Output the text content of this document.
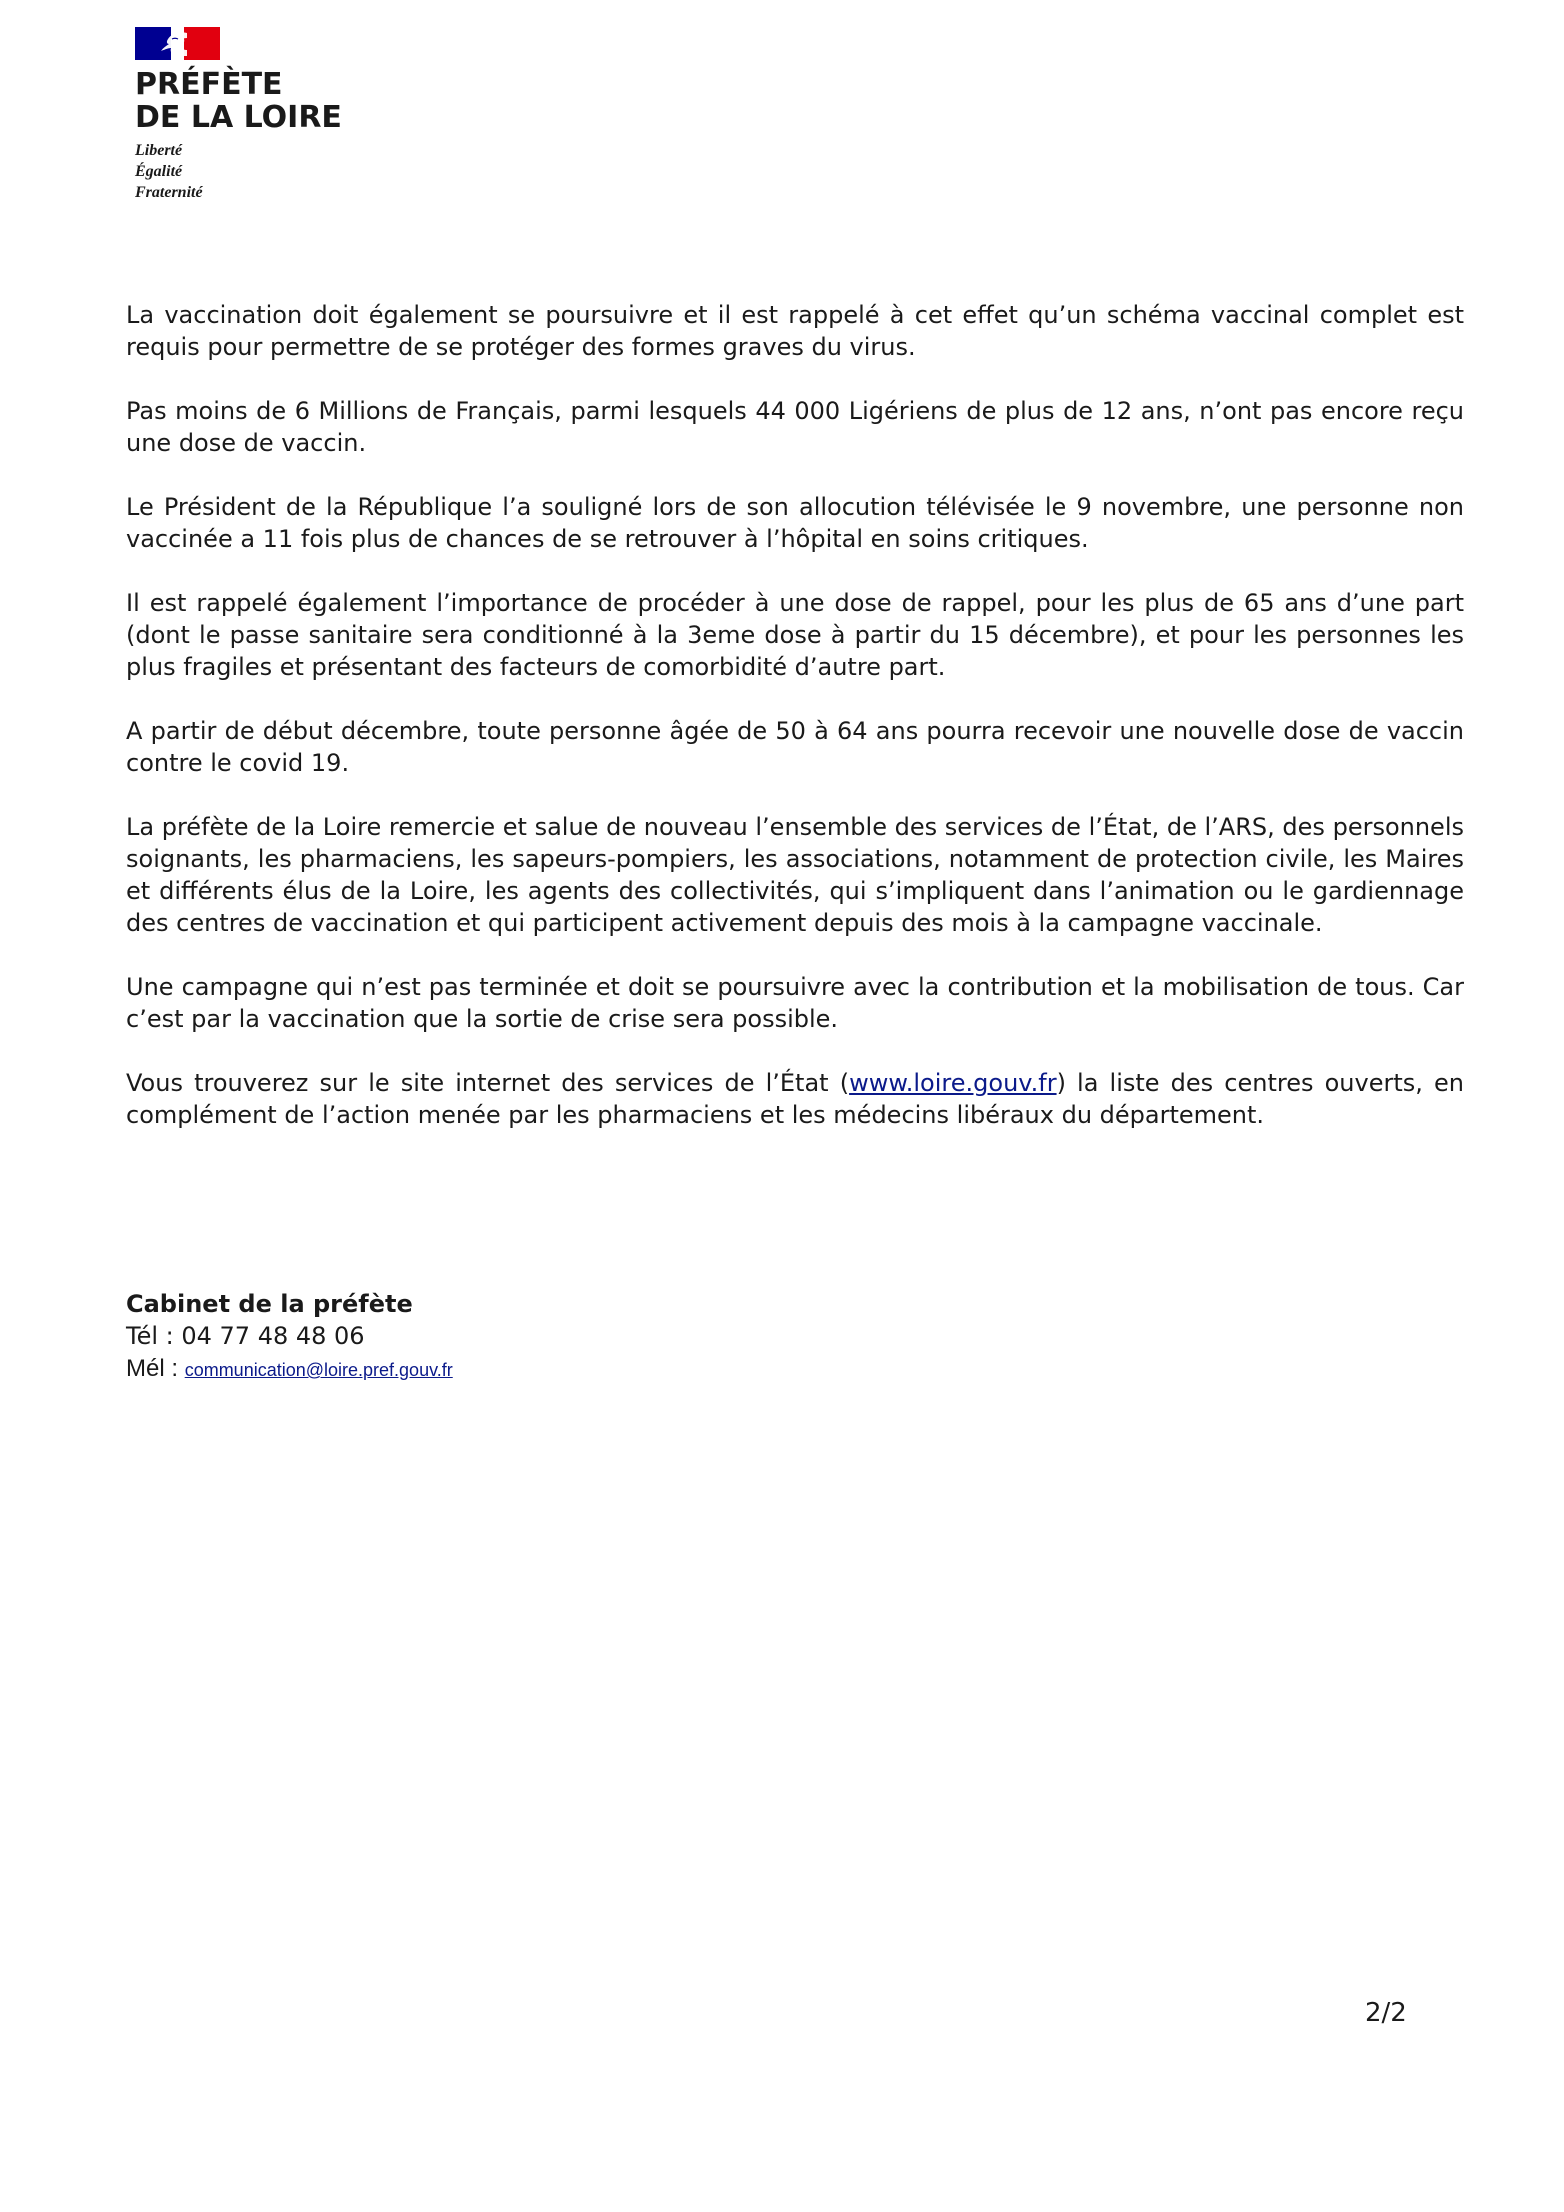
PRÉFÈTE
DE LA LOIRE
Liberté
Égalité
Fraternité

La vaccination doit également se poursuivre et il est rappelé à cet effet qu’un schéma vaccinal complet est requis pour permettre de se protéger des formes graves du virus.

Pas moins de 6 Millions de Français, parmi lesquels 44 000 Ligériens de plus de 12 ans, n’ont pas encore reçu une dose de vaccin.

Le Président de la République l’a souligné lors de son allocution télévisée le 9 novembre, une personne non vaccinée a 11 fois plus de chances de se retrouver à l’hôpital en soins critiques.

Il est rappelé également l’importance de procéder à une dose de rappel, pour les plus de 65 ans d’une part (dont le passe sanitaire sera conditionné à la 3eme dose à partir du 15 décembre), et pour les personnes les plus fragiles et présentant des facteurs de comorbidité d’autre part.

A partir de début décembre, toute personne âgée de 50 à 64 ans pourra recevoir une nouvelle dose de vaccin contre le covid 19.

La préfète de la Loire remercie et salue de nouveau l’ensemble des services de l’État, de l’ARS, des personnels soignants, les pharmaciens, les sapeurs-pompiers, les associations, notamment de protection civile, les Maires et différents élus de la Loire, les agents des collectivités, qui s’impliquent dans l’animation ou le gardiennage des centres de vaccination et qui participent activement depuis des mois à la campagne vaccinale.

Une campagne qui n’est pas terminée et doit se poursuivre avec la contribution et la mobilisation de tous. Car c’est par la vaccination que la sortie de crise sera possible.

Vous trouverez sur le site internet des services de l’État (www.loire.gouv.fr) la liste des centres ouverts, en complément de l’action menée par les pharmaciens et les médecins libéraux du département.

Cabinet de la préfète
Tél : 04 77 48 48 06
Mél : communication@loire.pref.gouv.fr
2/2
